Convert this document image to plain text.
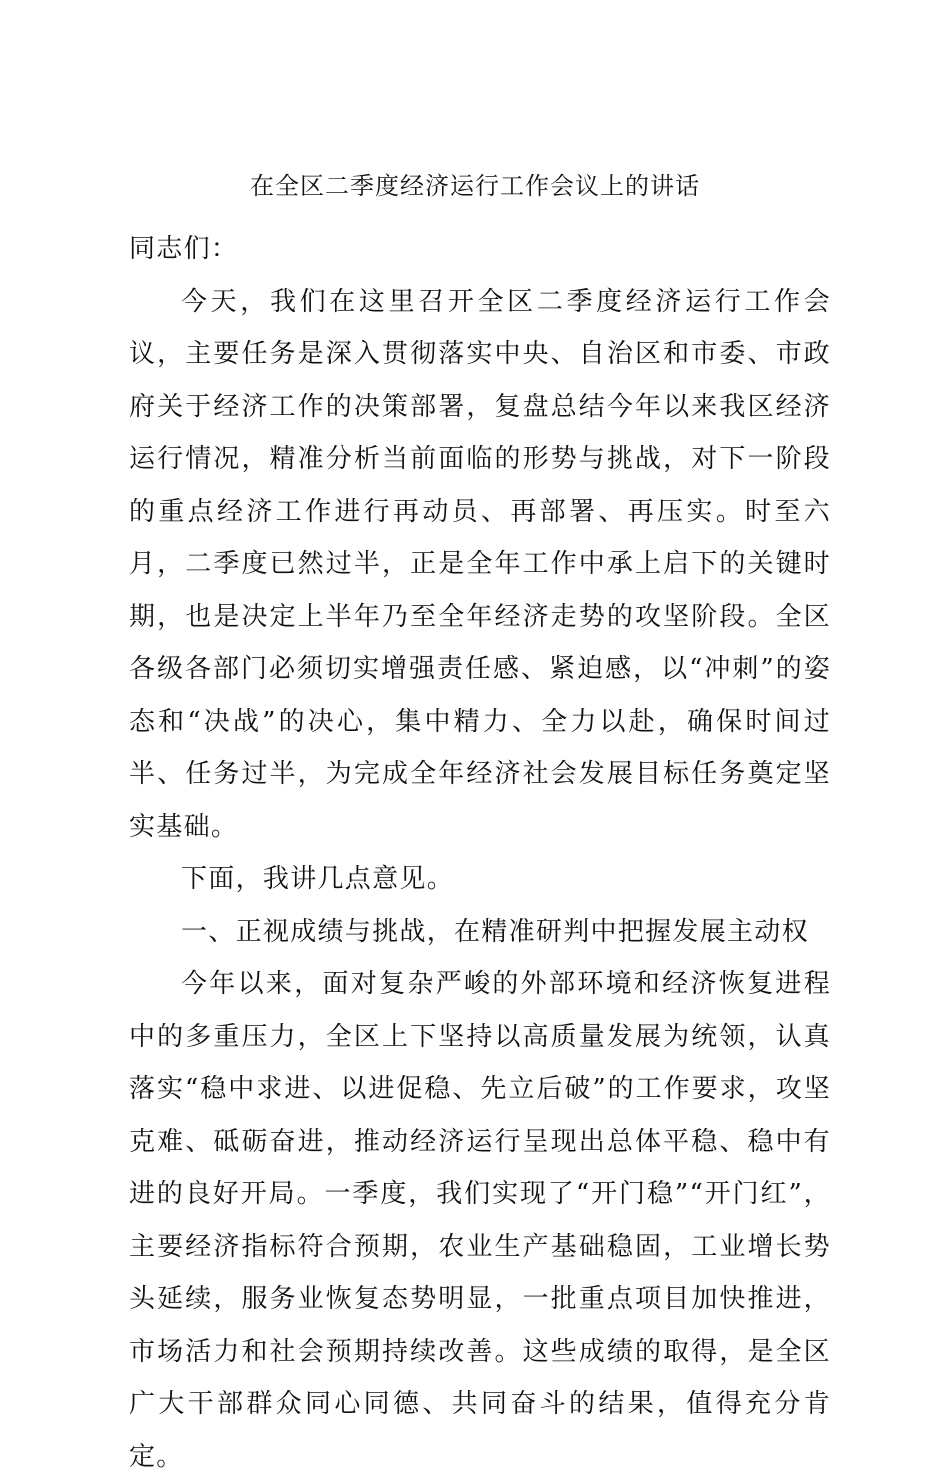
在全区二季度经济运行工作会议上的讲话

同志们：

今天，我们在这里召开全区二季度经济运行工作会议，主要任务是深入贯彻落实中央、自治区和市委、市政府关于经济工作的决策部署，复盘总结今年以来我区经济运行情况，精准分析当前面临的形势与挑战，对下一阶段的重点经济工作进行再动员、再部署、再压实。时至六月，二季度已然过半，正是全年工作中承上启下的关键时期，也是决定上半年乃至全年经济走势的攻坚阶段。全区各级各部门必须切实增强责任感、紧迫感，以“冲刺”的姿态和“决战”的决心，集中精力、全力以赴，确保时间过半、任务过半，为完成全年经济社会发展目标任务奠定坚实基础。

下面，我讲几点意见。

一、正视成绩与挑战，在精准研判中把握发展主动权

今年以来，面对复杂严峻的外部环境和经济恢复进程中的多重压力，全区上下坚持以高质量发展为统领，认真落实“稳中求进、以进促稳、先立后破”的工作要求，攻坚克难、砥砺奋进，推动经济运行呈现出总体平稳、稳中有进的良好开局。一季度，我们实现了“开门稳”“开门红”，主要经济指标符合预期，农业生产基础稳固，工业增长势头延续，服务业恢复态势明显，一批重点项目加快推进，市场活力和社会预期持续改善。这些成绩的取得，是全区广大干部群众同心同德、共同奋斗的结果，值得充分肯定。
